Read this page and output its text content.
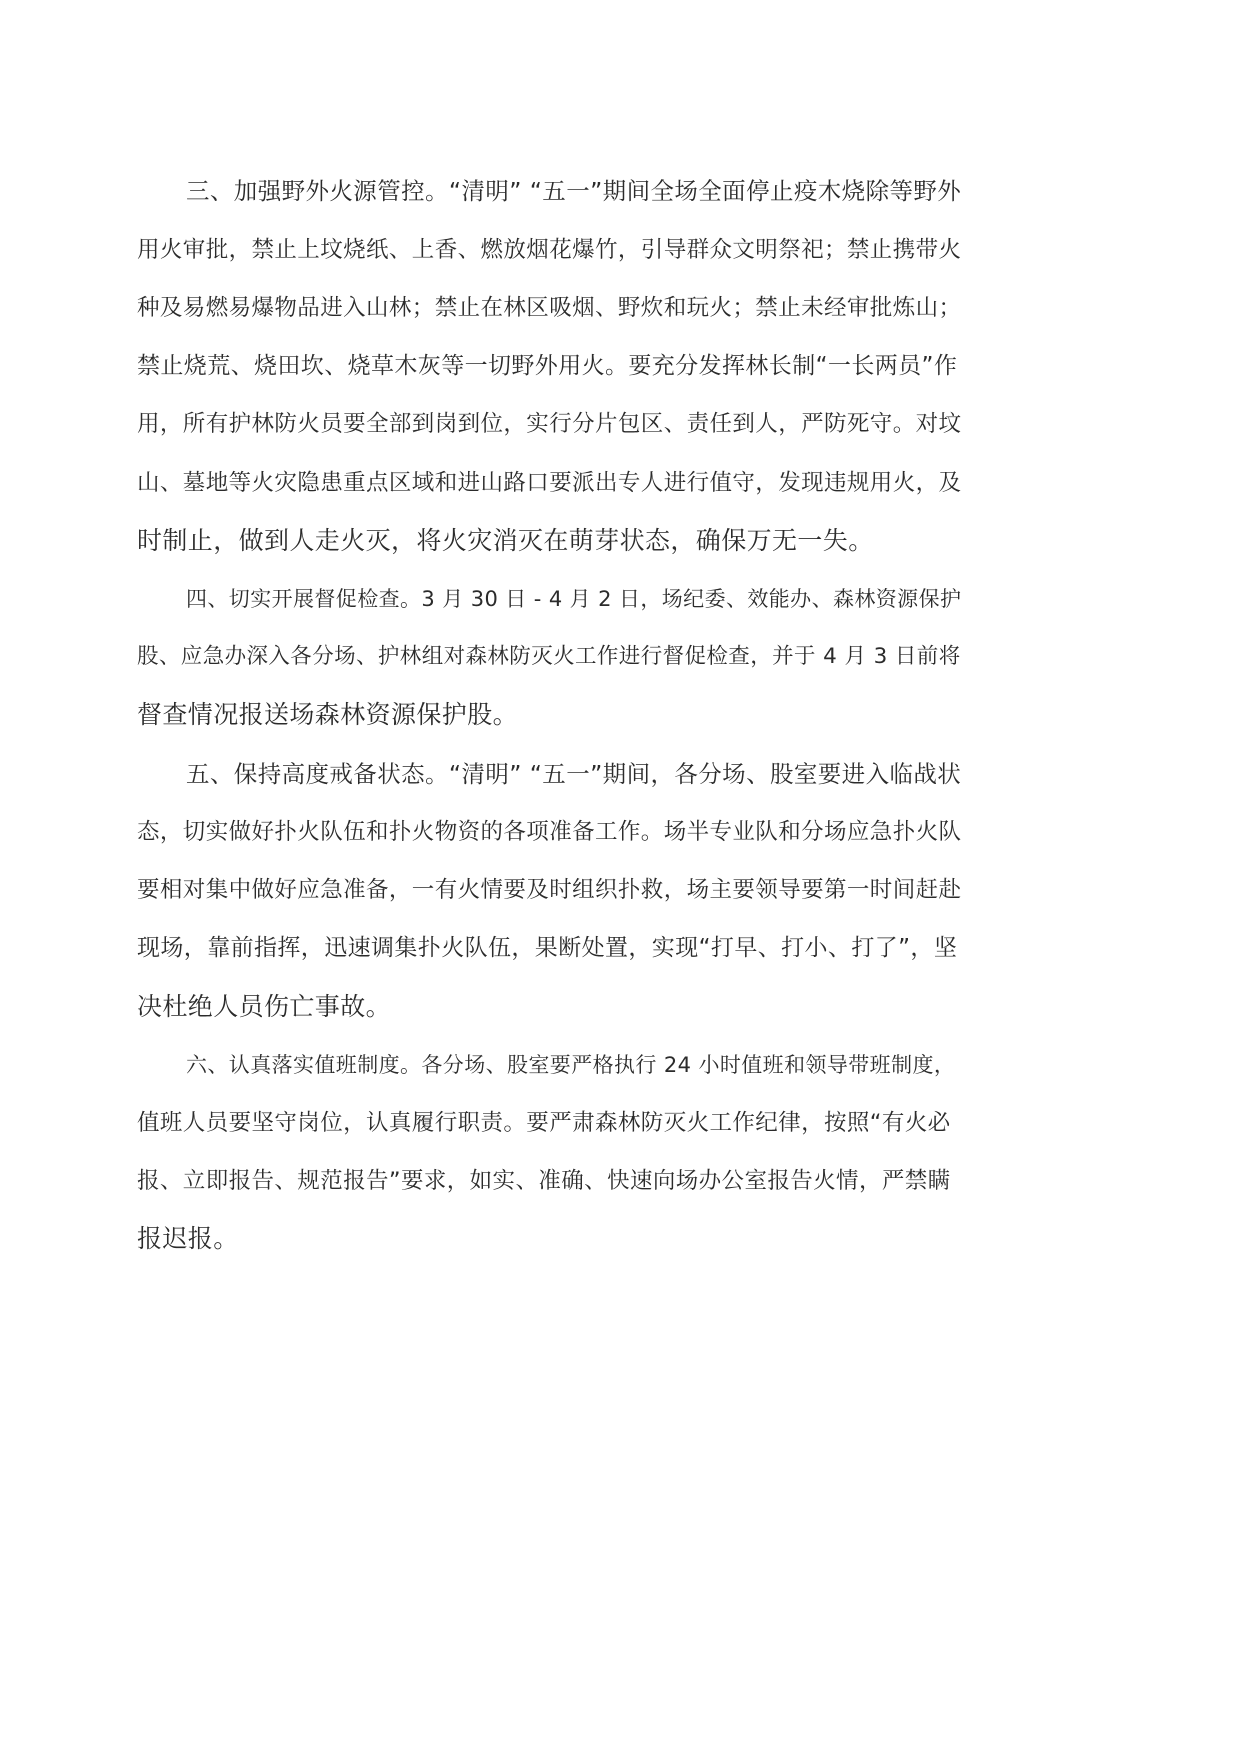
三、加强野外火源管控。“清明” “五一”期间全场全面停止疫木烧除等野外
用火审批，禁止上坟烧纸、上香、燃放烟花爆竹，引导群众文明祭祀；禁止携带火
种及易燃易爆物品进入山林；禁止在林区吸烟、野炊和玩火；禁止未经审批炼山；
禁止烧荒、烧田坎、烧草木灰等一切野外用火。要充分发挥林长制“一长两员”作
用，所有护林防火员要全部到岗到位，实行分片包区、责任到人，严防死守。对坟
山、墓地等火灾隐患重点区域和进山路口要派出专人进行值守，发现违规用火，及
时制止，做到人走火灭，将火灾消灭在萌芽状态，确保万无一失。
四、切实开展督促检查。3 月 30 日 - 4 月 2 日，场纪委、效能办、森林资源保护
股、应急办深入各分场、护林组对森林防灭火工作进行督促检查，并于 4 月 3 日前将
督查情况报送场森林资源保护股。
五、保持高度戒备状态。“清明” “五一”期间，各分场、股室要进入临战状
态，切实做好扑火队伍和扑火物资的各项准备工作。场半专业队和分场应急扑火队
要相对集中做好应急准备，一有火情要及时组织扑救，场主要领导要第一时间赶赴
现场，靠前指挥，迅速调集扑火队伍，果断处置，实现“打早、打小、打了”，坚
决杜绝人员伤亡事故。
六、认真落实值班制度。各分场、股室要严格执行 24 小时值班和领导带班制度，
值班人员要坚守岗位，认真履行职责。要严肃森林防灭火工作纪律，按照“有火必
报、立即报告、规范报告”要求，如实、准确、快速向场办公室报告火情，严禁瞒
报迟报。
